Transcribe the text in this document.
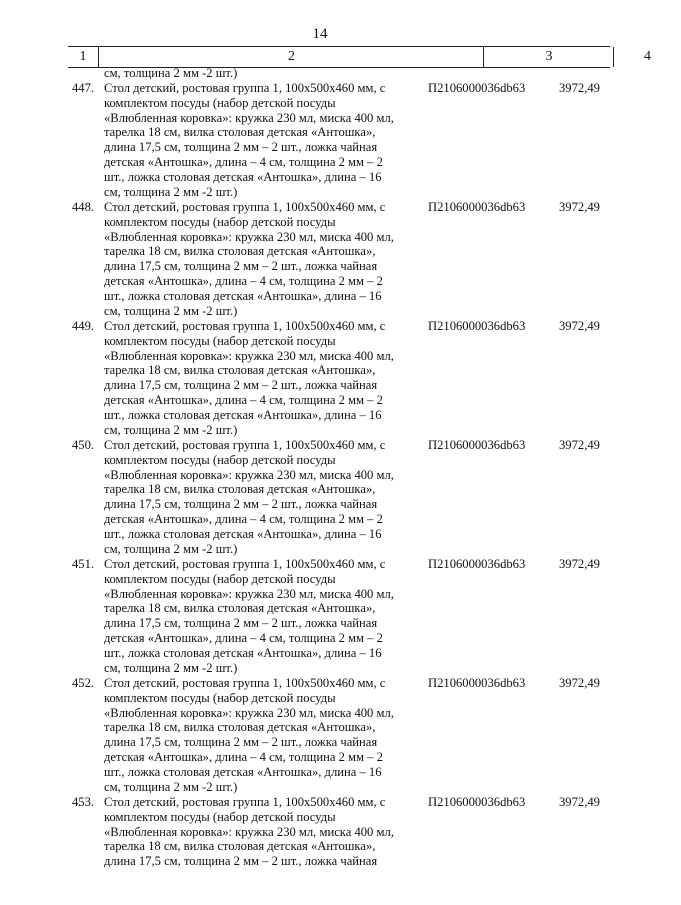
14
1	2	3	4
см, толщина 2 мм -2 шт.)
447. Стол детский, ростовая группа 1, 100х500х460 мм, с
комплектом посуды (набор детской посуды
«Влюбленная коровка»: кружка 230 мл, миска 400 мл,
тарелка 18 см, вилка столовая детская «Антошка»,
длина 17,5 см, толщина 2 мм – 2 шт., ложка чайная
детская «Антошка», длина – 4 см, толщина 2 мм – 2
шт., ложка столовая детская «Антошка», длина – 16
см, толщина 2 мм -2 шт.)
П2106000036db63	3972,49
448. Стол детский, ростовая группа 1, 100х500х460 мм, с
комплектом посуды (набор детской посуды
«Влюбленная коровка»: кружка 230 мл, миска 400 мл,
тарелка 18 см, вилка столовая детская «Антошка»,
длина 17,5 см, толщина 2 мм – 2 шт., ложка чайная
детская «Антошка», длина – 4 см, толщина 2 мм – 2
шт., ложка столовая детская «Антошка», длина – 16
см, толщина 2 мм -2 шт.)
П2106000036db63	3972,49
449. Стол детский, ростовая группа 1, 100х500х460 мм, с
комплектом посуды (набор детской посуды
«Влюбленная коровка»: кружка 230 мл, миска 400 мл,
тарелка 18 см, вилка столовая детская «Антошка»,
длина 17,5 см, толщина 2 мм – 2 шт., ложка чайная
детская «Антошка», длина – 4 см, толщина 2 мм – 2
шт., ложка столовая детская «Антошка», длина – 16
см, толщина 2 мм -2 шт.)
П2106000036db63	3972,49
450. Стол детский, ростовая группа 1, 100х500х460 мм, с
комплектом посуды (набор детской посуды
«Влюбленная коровка»: кружка 230 мл, миска 400 мл,
тарелка 18 см, вилка столовая детская «Антошка»,
длина 17,5 см, толщина 2 мм – 2 шт., ложка чайная
детская «Антошка», длина – 4 см, толщина 2 мм – 2
шт., ложка столовая детская «Антошка», длина – 16
см, толщина 2 мм -2 шт.)
П2106000036db63	3972,49
451. Стол детский, ростовая группа 1, 100х500х460 мм, с
комплектом посуды (набор детской посуды
«Влюбленная коровка»: кружка 230 мл, миска 400 мл,
тарелка 18 см, вилка столовая детская «Антошка»,
длина 17,5 см, толщина 2 мм – 2 шт., ложка чайная
детская «Антошка», длина – 4 см, толщина 2 мм – 2
шт., ложка столовая детская «Антошка», длина – 16
см, толщина 2 мм -2 шт.)
П2106000036db63	3972,49
452. Стол детский, ростовая группа 1, 100х500х460 мм, с
комплектом посуды (набор детской посуды
«Влюбленная коровка»: кружка 230 мл, миска 400 мл,
тарелка 18 см, вилка столовая детская «Антошка»,
длина 17,5 см, толщина 2 мм – 2 шт., ложка чайная
детская «Антошка», длина – 4 см, толщина 2 мм – 2
шт., ложка столовая детская «Антошка», длина – 16
см, толщина 2 мм -2 шт.)
П2106000036db63	3972,49
453. Стол детский, ростовая группа 1, 100х500х460 мм, с
комплектом посуды (набор детской посуды
«Влюбленная коровка»: кружка 230 мл, миска 400 мл,
тарелка 18 см, вилка столовая детская «Антошка»,
длина 17,5 см, толщина 2 мм – 2 шт., ложка чайная
П2106000036db63	3972,49
